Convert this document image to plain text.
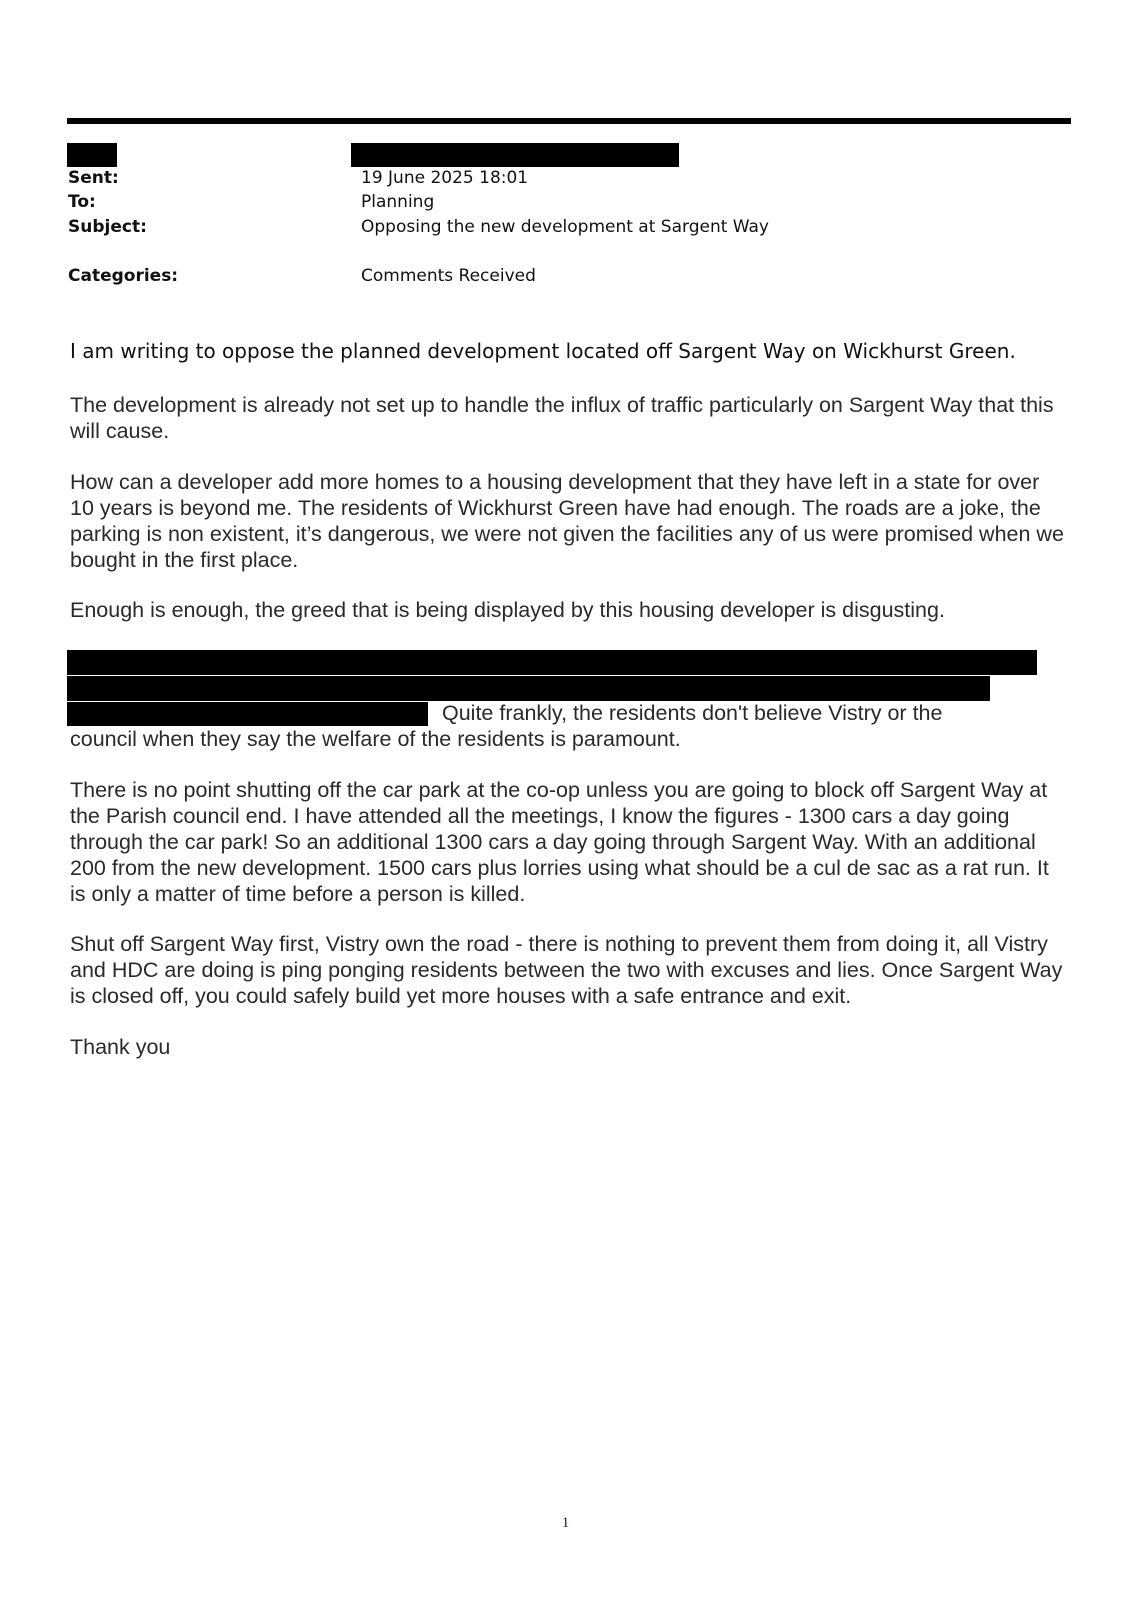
Sent:	19 June 2025 18:01
To:	Planning
Subject:	Opposing the new development at Sargent Way
Categories:	Comments Received

I am writing to oppose the planned development located off Sargent Way on Wickhurst Green.

The development is already not set up to handle the influx of traffic particularly on Sargent Way that this will cause.

How can a developer add more homes to a housing development that they have left in a state for over 10 years is beyond me. The residents of Wickhurst Green have had enough. The roads are a joke, the parking is non existent, it’s dangerous, we were not given the facilities any of us were promised when we bought in the first place.

Enough is enough, the greed that is being displayed by this housing developer is disgusting.

Quite frankly, the residents don't believe Vistry or the

council when they say the welfare of the residents is paramount.

There is no point shutting off the car park at the co-op unless you are going to block off Sargent Way at the Parish council end. I have attended all the meetings, I know the figures - 1300 cars a day going through the car park! So an additional 1300 cars a day going through Sargent Way. With an additional 200 from the new development. 1500 cars plus lorries using what should be a cul de sac as a rat run. It is only a matter of time before a person is killed.

Shut off Sargent Way first, Vistry own the road - there is nothing to prevent them from doing it, all Vistry and HDC are doing is ping ponging residents between the two with excuses and lies. Once Sargent Way is closed off, you could safely build yet more houses with a safe entrance and exit.

Thank you

1
